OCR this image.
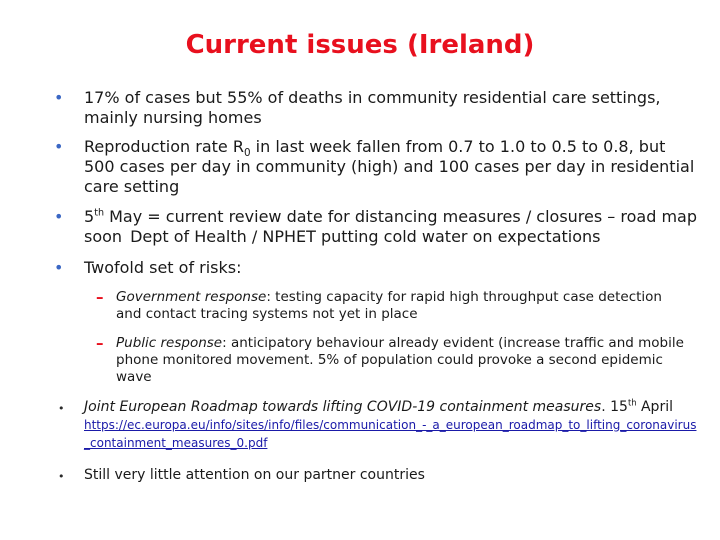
Current issues (Ireland)
• 17% of cases but 55% of deaths in community residential care settings, mainly nursing homes
• Reproduction rate $R_0$ in last week fallen from 0.7 to 1.0 to 0.5 to 0.8, but 500 cases per day in community (high) and 100 cases per day in residential care setting
• 5th May = current review date for distancing measures / closures – road map soon Dept of Health / NPHET putting cold water on expectations
• Twofold set of risks:
– Government response: testing capacity for rapid high throughput case detection and contact tracing systems not yet in place
– Public response: anticipatory behaviour already evident (increase traffic and mobile phone monitored movement. 5% of population could provoke a second epidemic wave
• Joint European Roadmap towards lifting COVID-19 containment measures. 15th April
https://ec.europa.eu/info/sites/info/files/communication_-_a_european_roadmap_to_lifting_coronavirus_containment_measures_0.pdf
• Still very little attention on our partner countries
